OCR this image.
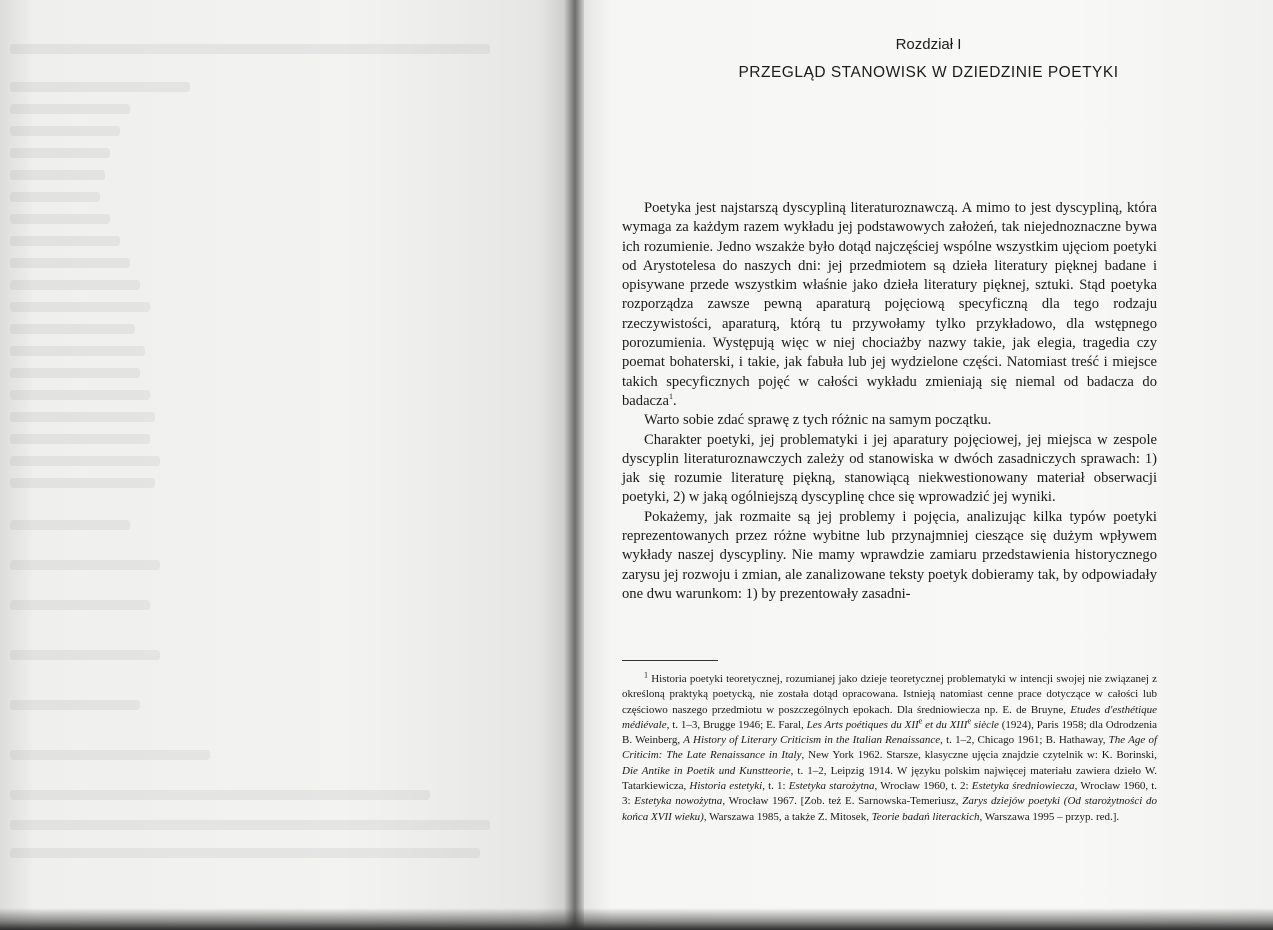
Rozdział I
PRZEGLĄD STANOWISK W DZIEDZINIE POETYKI

Poetyka jest najstarszą dyscypliną literaturoznawczą. A mimo to jest dyscypliną, która wymaga za każdym razem wykładu jej podstawowych założeń, tak niejednoznaczne bywa ich rozumienie. Jedno wszakże było dotąd najczęściej wspólne wszystkim ujęciom poetyki od Arystotelesa do naszych dni: jej przedmiotem są dzieła literatury pięknej badane i opisywane przede wszystkim właśnie jako dzieła literatury pięknej, sztuki. Stąd poetyka rozporządza zawsze pewną aparaturą pojęciową specyficzną dla tego rodzaju rzeczywistości, aparaturą, którą tu przywołamy tylko przykładowo, dla wstępnego porozumienia. Występują więc w niej chociażby nazwy takie, jak elegia, tragedia czy poemat bohaterski, i takie, jak fabuła lub jej wydzielone części. Natomiast treść i miejsce takich specyficznych pojęć w całości wykładu zmieniają się niemal od badacza do badacza$^1$.

Warto sobie zdać sprawę z tych różnic na samym początku.

Charakter poetyki, jej problematyki i jej aparatury pojęciowej, jej miejsca w zespole dyscyplin literaturoznawczych zależy od stanowiska w dwóch zasadniczych sprawach: 1) jak się rozumie literaturę piękną, stanowiącą niekwestionowany materiał obserwacji poetyki, 2) w jaką ogólniejszą dyscyplinę chce się wprowadzić jej wyniki.

Pokażemy, jak rozmaite są jej problemy i pojęcia, analizując kilka typów poetyki reprezentowanych przez różne wybitne lub przynajmniej cieszące się dużym wpływem wykłady naszej dyscypliny. Nie mamy wprawdzie zamiaru przedstawienia historycznego zarysu jej rozwoju i zmian, ale zanalizowane teksty poetyk dobieramy tak, by odpowiadały one dwu warunkom: 1) by prezentowały zasadni-

$^1$ Historia poetyki teoretycznej, rozumianej jako dzieje teoretycznej problematyki w intencji swojej nie związanej z określoną praktyką poetycką, nie została dotąd opracowana. Istnieją natomiast cenne prace dotyczące w całości lub częściowo naszego przedmiotu w poszczególnych epokach. Dla średniowiecza np. E. de Bruyne, Etudes d'esthétique médiévale, t. 1–3, Brugge 1946; E. Faral, Les Arts poétiques du XIIe et du XIIIe siècle (1924), Paris 1958; dla Odrodzenia B. Weinberg, A History of Literary Criticism in the Italian Renaissance, t. 1–2, Chicago 1961; B. Hathaway, The Age of Criticim: The Late Renaissance in Italy, New York 1962. Starsze, klasyczne ujęcia znajdzie czytelnik w: K. Borinski, Die Antike in Poetik und Kunstteorie, t. 1–2, Leipzig 1914. W języku polskim najwięcej materiału zawiera dzieło W. Tatarkiewicza, Historia estetyki, t. 1: Estetyka starożytna, Wrocław 1960, t. 2: Estetyka średniowiecza, Wrocław 1960, t. 3: Estetyka nowożytna, Wrocław 1967. [Zob. też E. Sarnowska-Temeriusz, Zarys dziejów poetyki (Od starożytności do końca XVII wieku), Warszawa 1985, a także Z. Mitosek, Teorie badań literackich, Warszawa 1995 – przyp. red.].
